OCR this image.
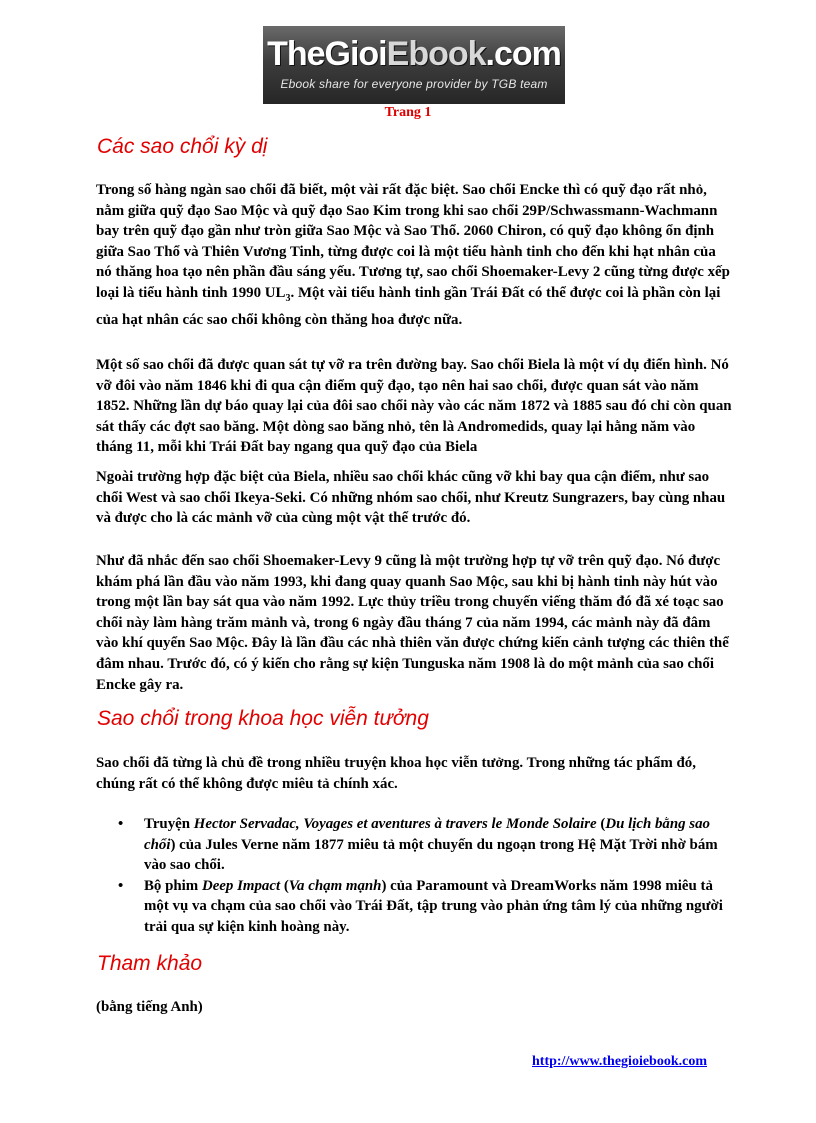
TheGioiEbook.com
Ebook share for everyone provider by TGB team
Trang 1
Các sao chổi kỳ dị

Trong số hàng ngàn sao chổi đã biết, một vài rất đặc biệt. Sao chổi Encke thì có quỹ đạo rất nhỏ, nằm giữa quỹ đạo Sao Mộc và quỹ đạo Sao Kim trong khi sao chổi 29P/Schwassmann-Wachmann bay trên quỹ đạo gần như tròn giữa Sao Mộc và Sao Thổ. 2060 Chiron, có quỹ đạo không ổn định giữa Sao Thổ và Thiên Vương Tinh, từng được coi là một tiểu hành tinh cho đến khi hạt nhân của nó thăng hoa tạo nên phần đầu sáng yếu. Tương tự, sao chổi Shoemaker-Levy 2 cũng từng được xếp loại là tiểu hành tinh 1990 $UL_3$. Một vài tiểu hành tinh gần Trái Đất có thể được coi là phần còn lại của hạt nhân các sao chổi không còn thăng hoa được nữa.

Một số sao chổi đã được quan sát tự vỡ ra trên đường bay. Sao chổi Biela là một ví dụ điển hình. Nó vỡ đôi vào năm 1846 khi đi qua cận điểm quỹ đạo, tạo nên hai sao chổi, được quan sát vào năm 1852. Những lần dự báo quay lại của đôi sao chổi này vào các năm 1872 và 1885 sau đó chỉ còn quan sát thấy các đợt sao băng. Một dòng sao băng nhỏ, tên là Andromedids, quay lại hằng năm vào tháng 11, mỗi khi Trái Đất bay ngang qua quỹ đạo của Biela

Ngoài trường hợp đặc biệt của Biela, nhiều sao chổi khác cũng vỡ khi bay qua cận điểm, như sao chổi West và sao chổi Ikeya-Seki. Có những nhóm sao chổi, như Kreutz Sungrazers, bay cùng nhau và được cho là các mảnh vỡ của cùng một vật thể trước đó.

Như đã nhắc đến sao chổi Shoemaker-Levy 9 cũng là một trường hợp tự vỡ trên quỹ đạo. Nó được khám phá lần đầu vào năm 1993, khi đang quay quanh Sao Mộc, sau khi bị hành tinh này hút vào trong một lần bay sát qua vào năm 1992. Lực thủy triều trong chuyến viếng thăm đó đã xé toạc sao chổi này làm hàng trăm mảnh và, trong 6 ngày đầu tháng 7 của năm 1994, các mảnh này đã đâm vào khí quyển Sao Mộc. Đây là lần đầu các nhà thiên văn được chứng kiến cảnh tượng các thiên thể đâm nhau. Trước đó, có ý kiến cho rằng sự kiện Tunguska năm 1908 là do một mảnh của sao chổi Encke gây ra.

Sao chổi trong khoa học viễn tưởng

Sao chổi đã từng là chủ đề trong nhiều truyện khoa học viễn tưởng. Trong những tác phẩm đó, chúng rất có thể không được miêu tả chính xác.

• Truyện Hector Servadac, Voyages et aventures à travers le Monde Solaire (Du lịch bằng sao chổi) của Jules Verne năm 1877 miêu tả một chuyến du ngoạn trong Hệ Mặt Trời nhờ bám vào sao chổi.
• Bộ phim Deep Impact (Va chạm mạnh) của Paramount và DreamWorks năm 1998 miêu tả một vụ va chạm của sao chổi vào Trái Đất, tập trung vào phản ứng tâm lý của những người trải qua sự kiện kinh hoàng này.
Tham khảo

(bằng tiếng Anh)

http://www.thegioiebook.com
